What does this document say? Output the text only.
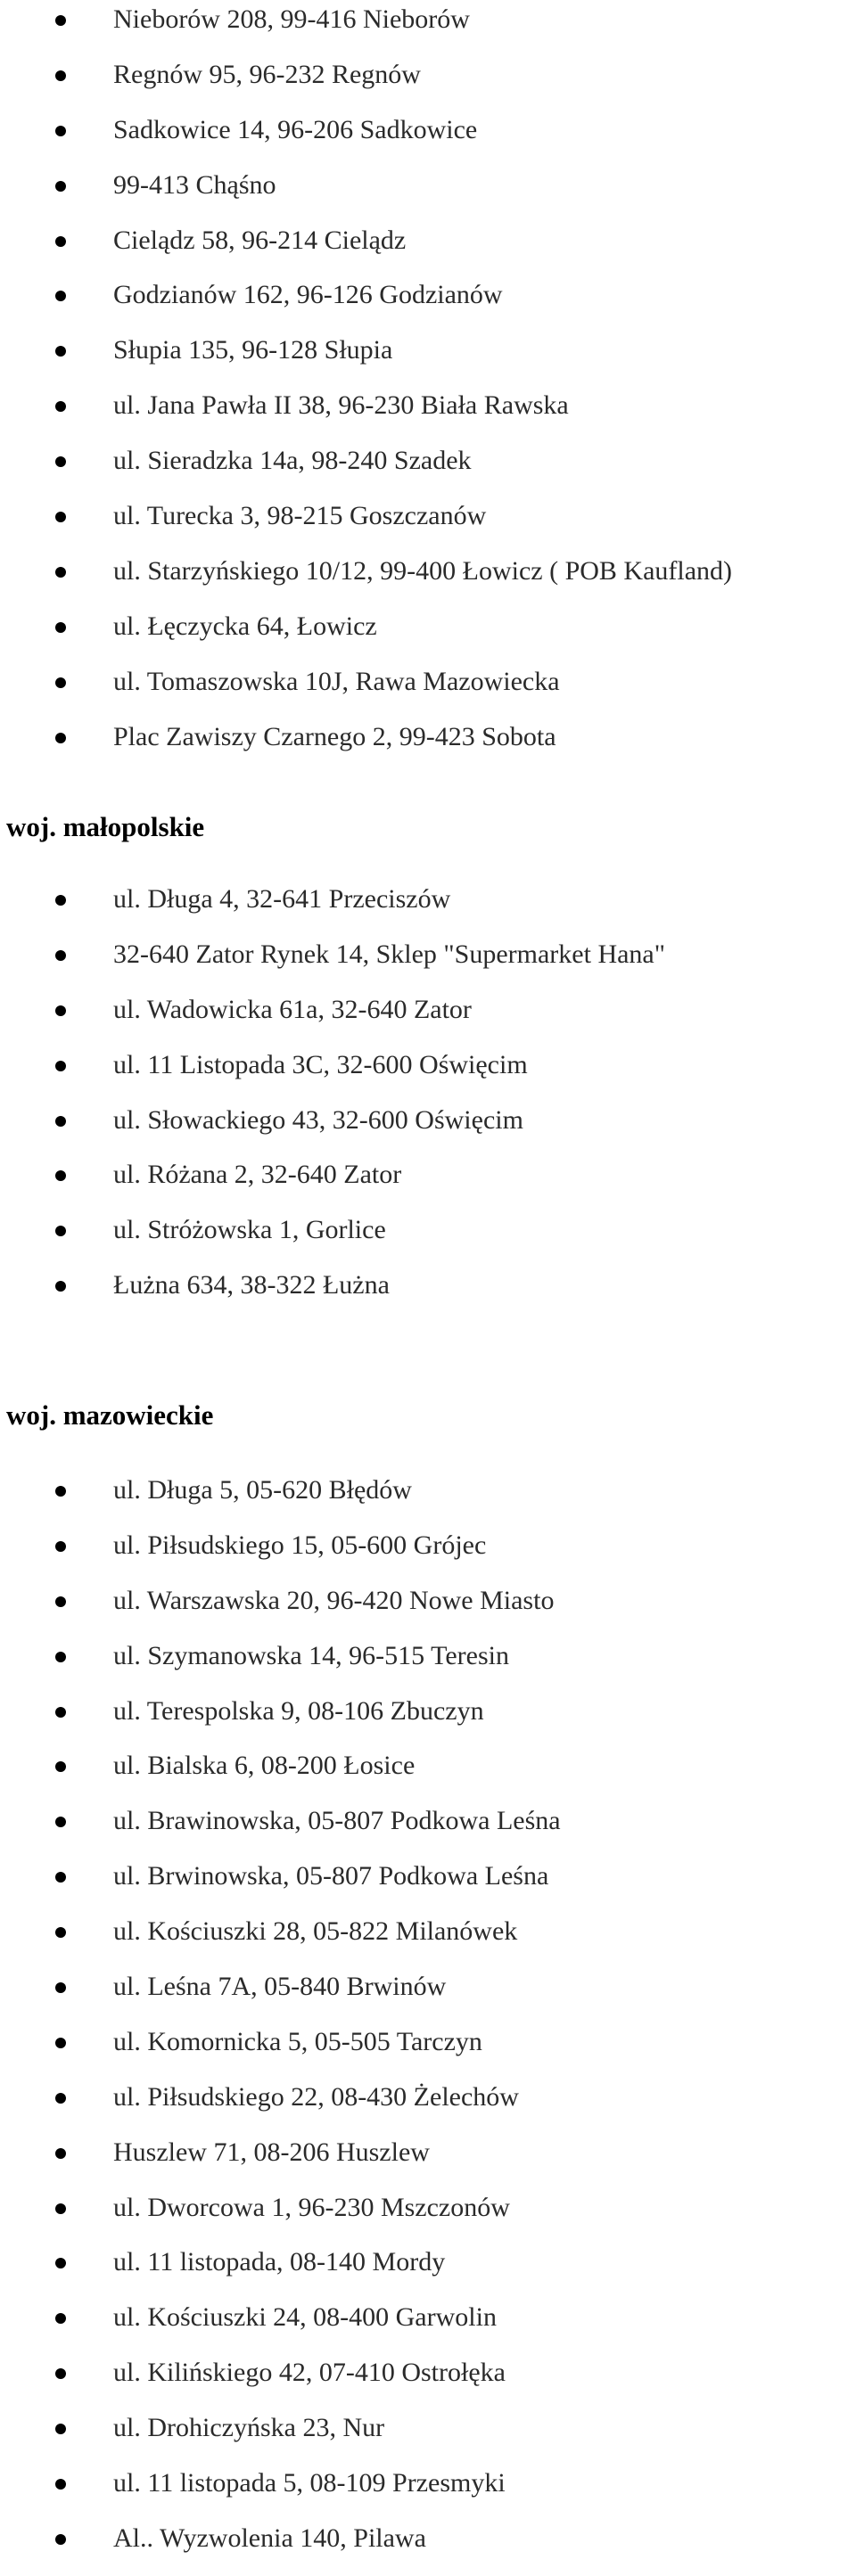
Nieborów 208, 99-416 Nieborów
Regnów 95, 96-232 Regnów
Sadkowice 14, 96-206 Sadkowice
99-413 Chąśno
Cielądz 58, 96-214 Cielądz
Godzianów 162, 96-126 Godzianów
Słupia 135, 96-128 Słupia
ul. Jana Pawła II 38, 96-230 Biała Rawska
ul. Sieradzka 14a, 98-240 Szadek
ul. Turecka 3, 98-215 Goszczanów
ul. Starzyńskiego 10/12, 99-400 Łowicz ( POB Kaufland)
ul. Łęczycka 64, Łowicz
ul. Tomaszowska 10J, Rawa Mazowiecka
Plac Zawiszy Czarnego 2, 99-423 Sobota
woj. małopolskie
ul. Długa 4, 32-641 Przeciszów
32-640 Zator Rynek 14, Sklep "Supermarket Hana"
ul. Wadowicka 61a, 32-640 Zator
ul. 11 Listopada 3C, 32-600 Oświęcim
ul. Słowackiego 43, 32-600 Oświęcim
ul. Różana 2, 32-640 Zator
ul. Stróżowska 1, Gorlice
Łużna 634, 38-322 Łużna
woj. mazowieckie
ul. Długa 5, 05-620 Błędów
ul. Piłsudskiego 15, 05-600 Grójec
ul. Warszawska 20, 96-420 Nowe Miasto
ul. Szymanowska 14, 96-515 Teresin
ul. Terespolska 9, 08-106 Zbuczyn
ul. Bialska 6, 08-200 Łosice
ul. Brawinowska, 05-807 Podkowa Leśna
ul. Brwinowska, 05-807 Podkowa Leśna
ul. Kościuszki 28, 05-822 Milanówek
ul. Leśna 7A, 05-840 Brwinów
ul. Komornicka 5, 05-505 Tarczyn
ul. Piłsudskiego 22, 08-430 Żelechów
Huszlew 71, 08-206 Huszlew
ul. Dworcowa 1, 96-230 Mszczonów
ul. 11 listopada, 08-140 Mordy
ul. Kościuszki 24, 08-400 Garwolin
ul. Kilińskiego 42, 07-410 Ostrołęka
ul. Drohiczyńska 23, Nur
ul. 11 listopada 5, 08-109 Przesmyki
Al.. Wyzwolenia 140, Pilawa
